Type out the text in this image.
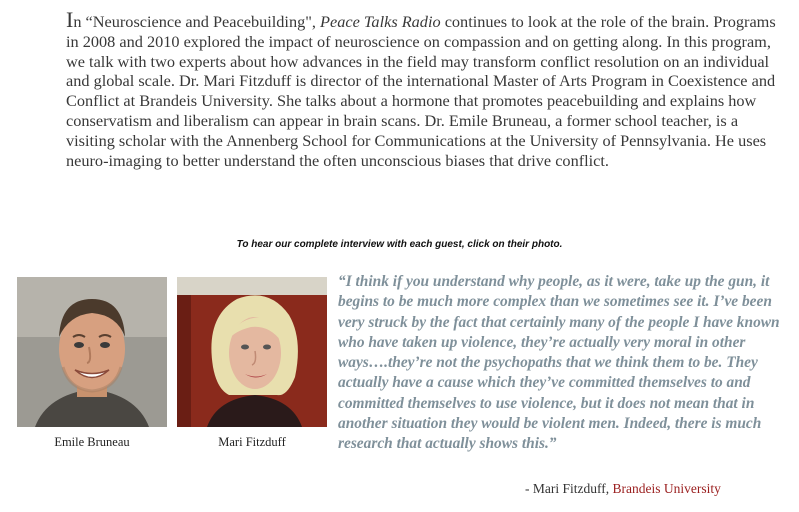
In “Neuroscience and Peacebuilding", Peace Talks Radio continues to look at the role of the brain. Programs in 2008 and 2010 explored the impact of neuroscience on compassion and on getting along. In this program, we talk with two experts about how advances in the field may transform conflict resolution on an individual and global scale. Dr. Mari Fitzduff is director of the international Master of Arts Program in Coexistence and Conflict at Brandeis University. She talks about a hormone that promotes peacebuilding and explains how conservatism and liberalism can appear in brain scans. Dr. Emile Bruneau, a former school teacher, is a visiting scholar with the Annenberg School for Communications at the University of Pennsylvania. He uses neuro-imaging to better understand the often unconscious biases that drive conflict.
To hear our complete interview with each guest, click on their photo.
Emile Bruneau	Mari Fitzduff
“I think if you understand why people, as it were, take up the gun, it begins to be much more complex than we sometimes see it. I’ve been very struck by the fact that certainly many of the people I have known who have taken up violence, they’re actually very moral in other ways….they’re not the psychopaths that we think them to be. They actually have a cause which they’ve committed themselves to and committed themselves to use violence, but it does not mean that in another situation they would be violent men. Indeed, there is much research that actually shows this.”
- Mari Fitzduff, Brandeis University
